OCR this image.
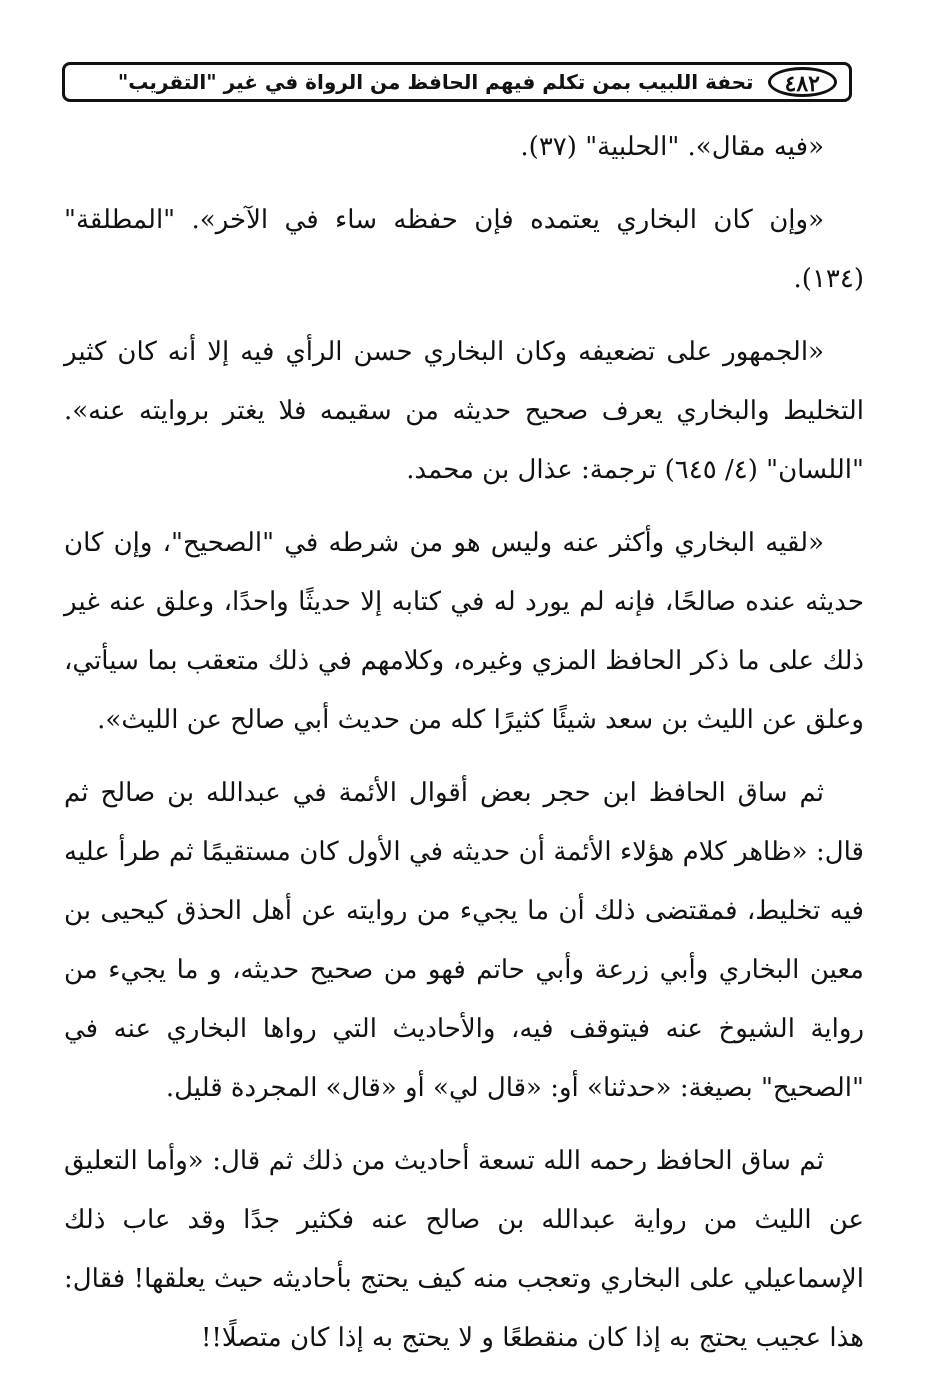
٤٨٢
تحفة اللبيب بمن تكلم فيهم الحافظ من الرواة في غير "التقريب"

«فيه مقال». "الحلبية" (٣٧).

«وإن كان البخاري يعتمده فإن حفظه ساء في الآخر». "المطلقة" (١٣٤).

«الجمهور على تضعيفه وكان البخاري حسن الرأي فيه إلا أنه كان كثير التخليط والبخاري يعرف صحيح حديثه من سقيمه فلا يغتر بروايته عنه». "اللسان" (٤/ ٦٤٥) ترجمة: عذال بن محمد.

«لقيه البخاري وأكثر عنه وليس هو من شرطه في "الصحيح"، وإن كان حديثه عنده صالحًا، فإنه لم يورد له في كتابه إلا حديثًا واحدًا، وعلق عنه غير ذلك على ما ذكر الحافظ المزي وغيره، وكلامهم في ذلك متعقب بما سيأتي، وعلق عن الليث بن سعد شيئًا كثيرًا كله من حديث أبي صالح عن الليث».

ثم ساق الحافظ ابن حجر بعض أقوال الأئمة في عبدالله بن صالح ثم قال: «ظاهر كلام هؤلاء الأئمة أن حديثه في الأول كان مستقيمًا ثم طرأ عليه فيه تخليط، فمقتضى ذلك أن ما يجيء من روايته عن أهل الحذق كيحيى بن معين البخاري وأبي زرعة وأبي حاتم فهو من صحيح حديثه، و ما يجيء من رواية الشيوخ عنه فيتوقف فيه، والأحاديث التي رواها البخاري عنه في "الصحيح" بصيغة: «حدثنا» أو: «قال لي» أو «قال» المجردة قليل.

ثم ساق الحافظ رحمه الله تسعة أحاديث من ذلك ثم قال: «وأما التعليق عن الليث من رواية عبدالله بن صالح عنه فكثير جدًا وقد عاب ذلك الإسماعيلي على البخاري وتعجب منه كيف يحتج بأحاديثه حيث يعلقها! فقال: هذا عجيب يحتج به إذا كان منقطعًا و لا يحتج به إذا كان متصلًا!!
